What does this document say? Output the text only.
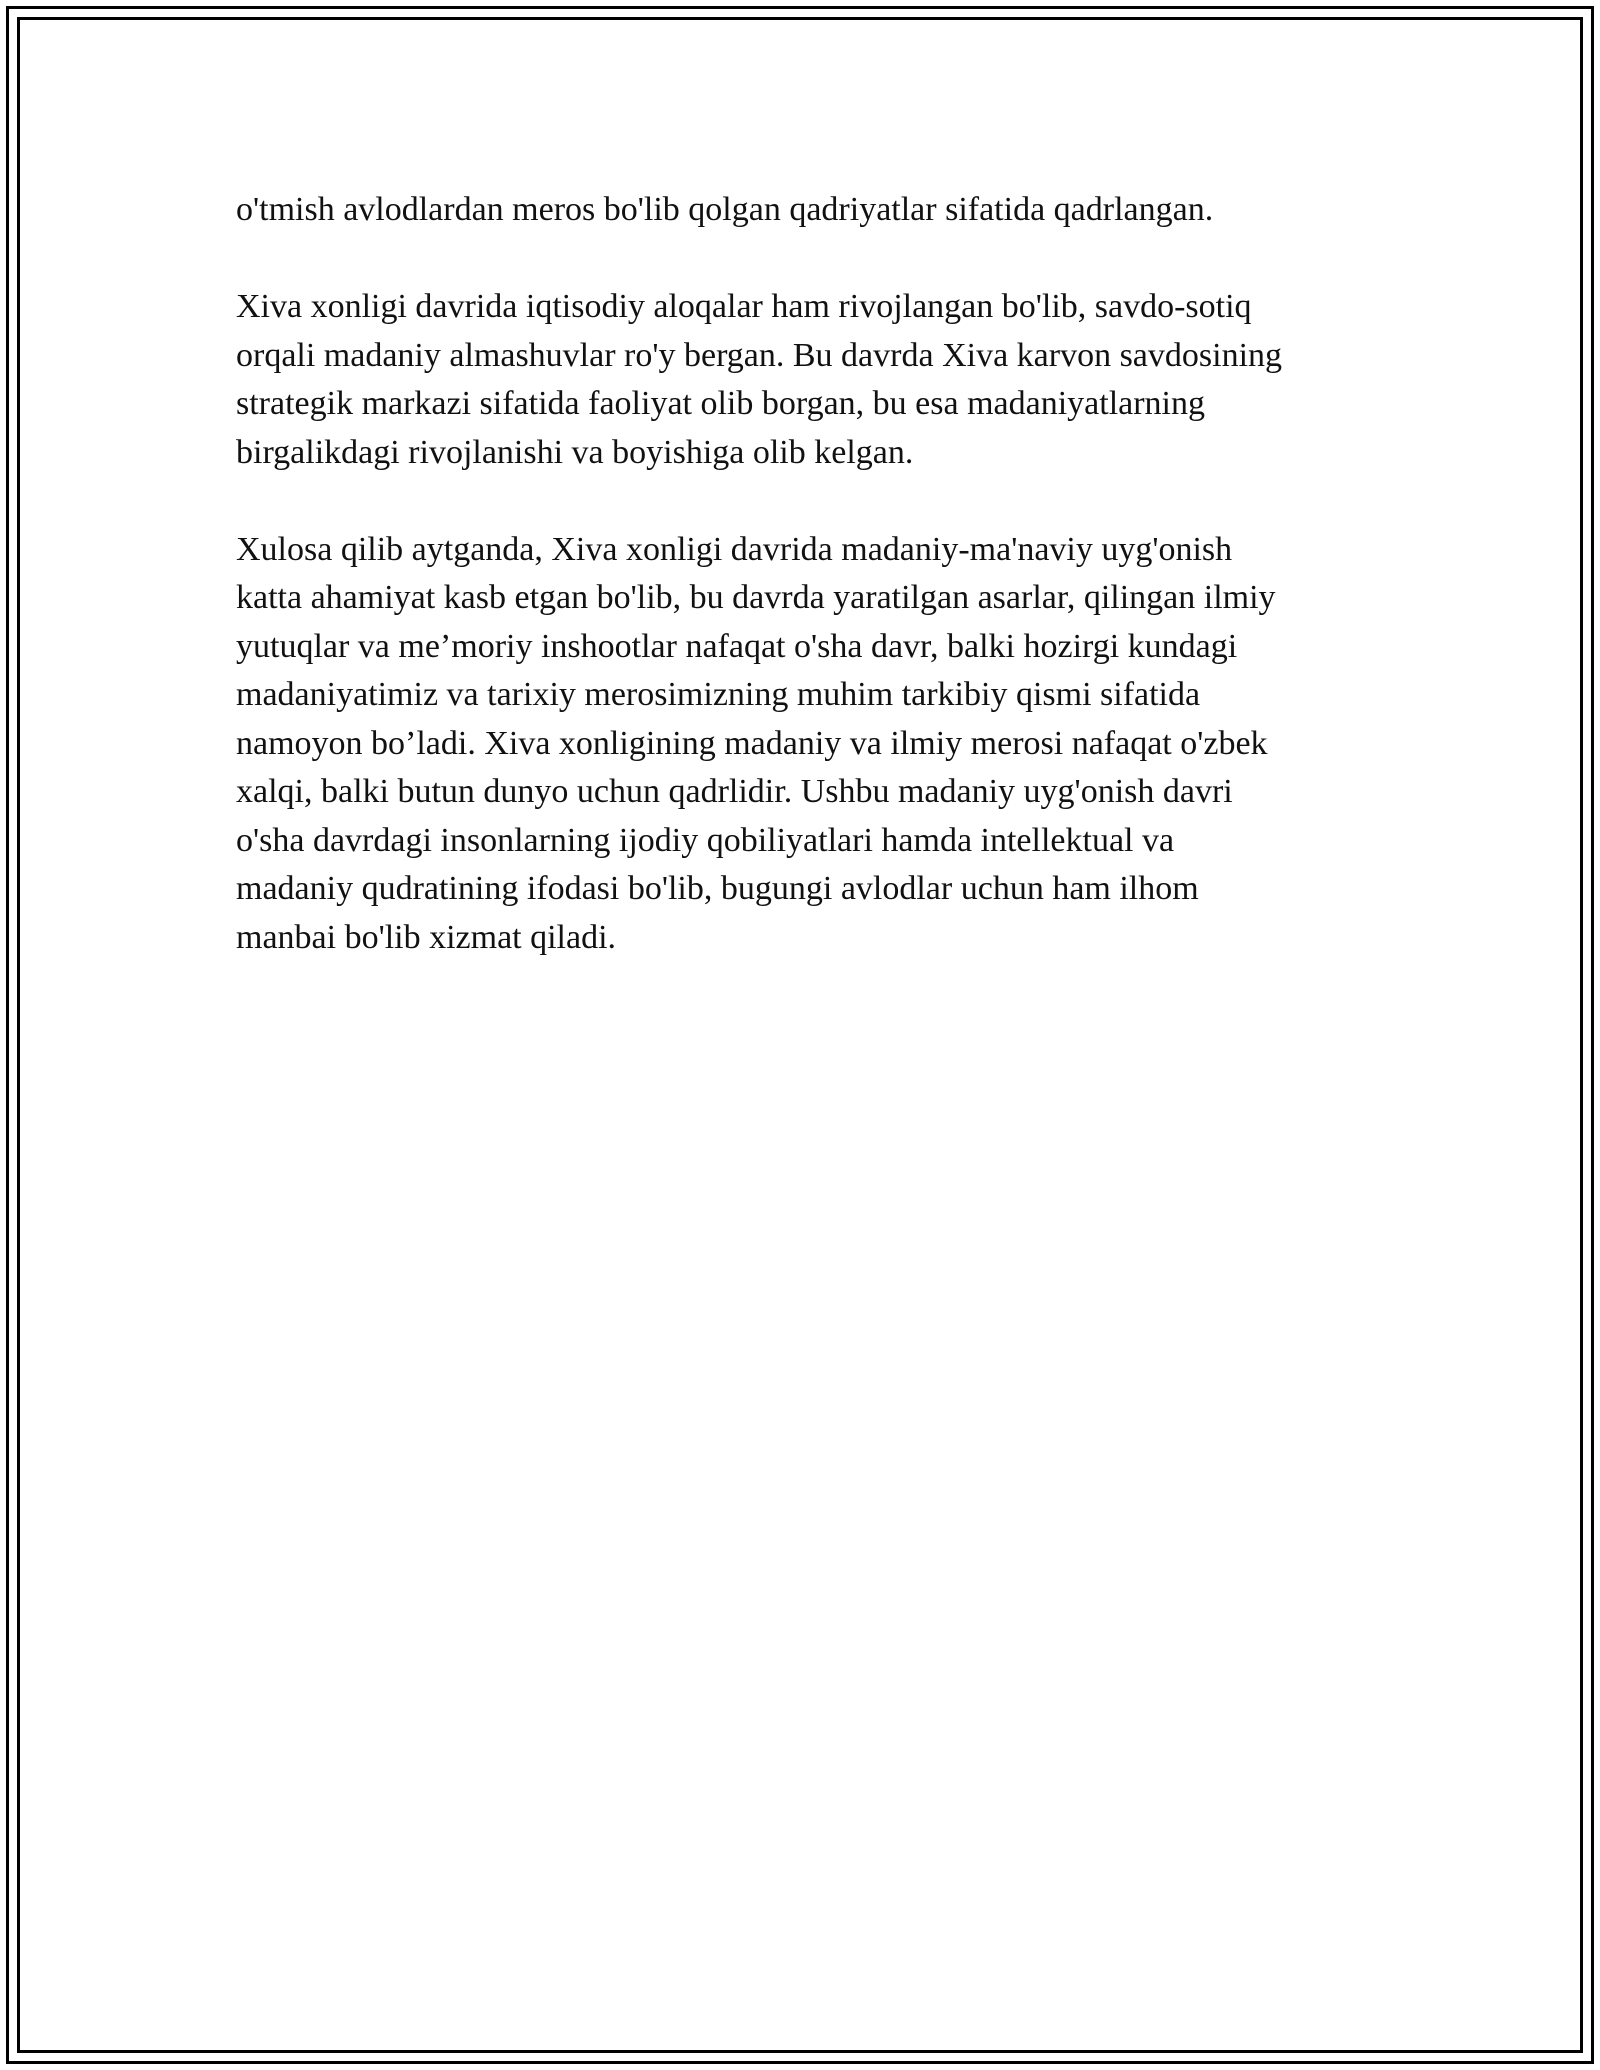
o'tmish avlodlardan meros bo'lib qolgan qadriyatlar sifatida qadrlangan.

Xiva xonligi davrida iqtisodiy aloqalar ham rivojlangan bo'lib, savdo-sotiq
orqali madaniy almashuvlar ro'y bergan. Bu davrda Xiva karvon savdosining
strategik markazi sifatida faoliyat olib borgan, bu esa madaniyatlarning
birgalikdagi rivojlanishi va boyishiga olib kelgan.

Xulosa qilib aytganda, Xiva xonligi davrida madaniy-ma'naviy uyg'onish
katta ahamiyat kasb etgan bo'lib, bu davrda yaratilgan asarlar, qilingan ilmiy
yutuqlar va me’moriy inshootlar nafaqat o'sha davr, balki hozirgi kundagi
madaniyatimiz va tarixiy merosimizning muhim tarkibiy qismi sifatida
namoyon bo’ladi. Xiva xonligining madaniy va ilmiy merosi nafaqat o'zbek
xalqi, balki butun dunyo uchun qadrlidir. Ushbu madaniy uyg'onish davri
o'sha davrdagi insonlarning ijodiy qobiliyatlari hamda intellektual va
madaniy qudratining ifodasi bo'lib, bugungi avlodlar uchun ham ilhom
manbai bo'lib xizmat qiladi.
